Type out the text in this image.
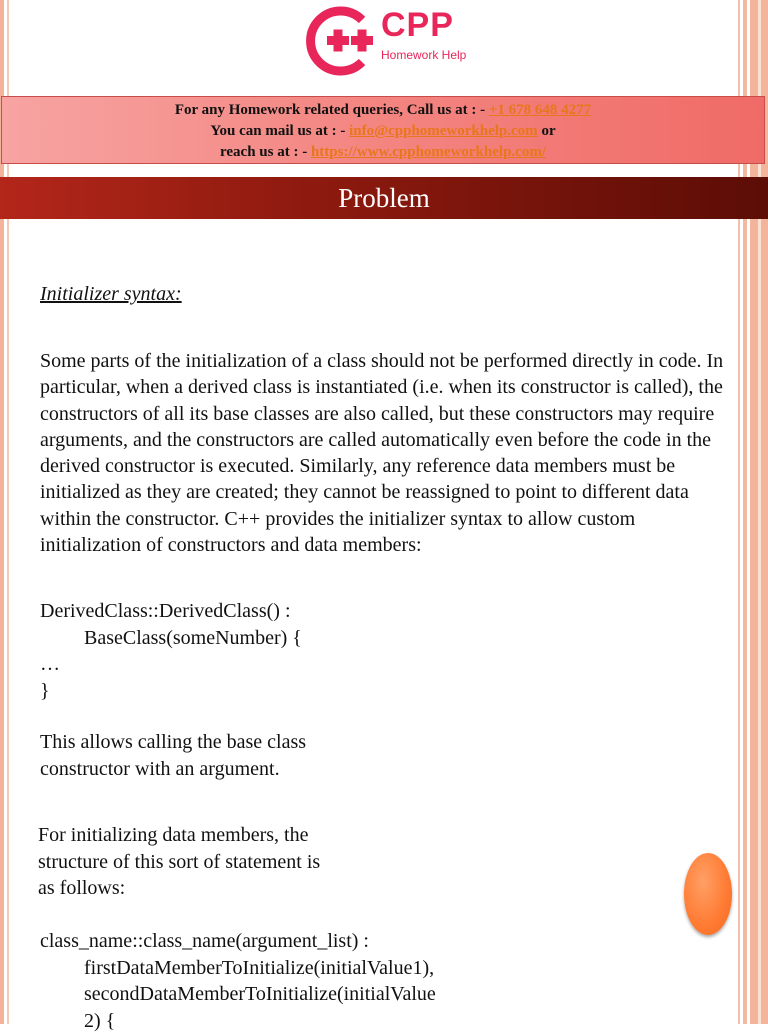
CPP
Homework Help
For any Homework related queries, Call us at : - +1 678 648 4277
You can mail us at : - info@cpphomeworkhelp.com or
reach us at : - https://www.cpphomeworkhelp.com/
Problem
Initializer syntax:
Some parts of the initialization of a class should not be performed directly in code. In particular, when a derived class is instantiated (i.e. when its constructor is called), the constructors of all its base classes are also called, but these constructors may require arguments, and the constructors are called automatically even before the code in the derived constructor is executed. Similarly, any reference data members must be initialized as they are created; they cannot be reassigned to point to different data within the constructor. C++ provides the initializer syntax to allow custom initialization of constructors and data members:
DerivedClass::DerivedClass() :
BaseClass(someNumber) {
…
}
This allows calling the base class constructor with an argument.
For initializing data members, the structure of this sort of statement is as follows:
class_name::class_name(argument_list) :
firstDataMemberToInitialize(initialValue1),
secondDataMemberToInitialize(initialValue
2) {
